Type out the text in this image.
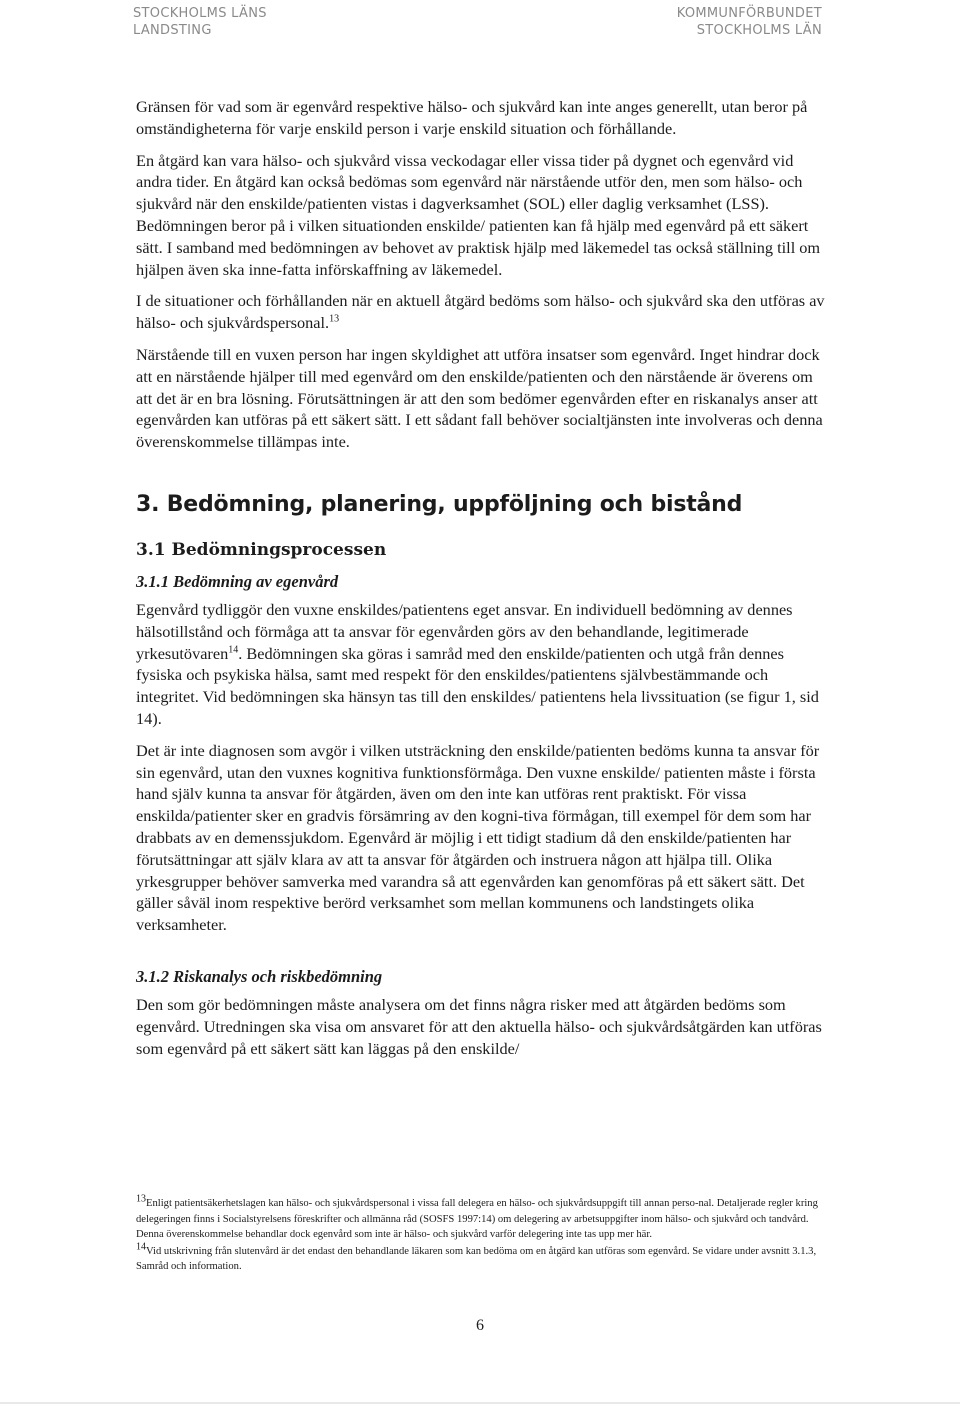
STOCKHOLMS LÄNS
LANDSTING
KOMMUNFÖRBUNDET
STOCKHOLMS LÄN

Gränsen för vad som är egenvård respektive hälso- och sjukvård kan inte anges generellt, utan beror på omständigheterna för varje enskild person i varje enskild situation och förhållande.

En åtgärd kan vara hälso- och sjukvård vissa veckodagar eller vissa tider på dygnet och egenvård vid andra tider. En åtgärd kan också bedömas som egenvård när närstående utför den, men som hälso- och sjukvård när den enskilde/patienten vistas i dagverksamhet (SOL) eller daglig verksamhet (LSS). Bedömningen beror på i vilken situationden enskilde/ patienten kan få hjälp med egenvård på ett säkert sätt. I samband med bedömningen av behovet av praktisk hjälp med läkemedel tas också ställning till om hjälpen även ska inne-fatta införskaffning av läkemedel.

I de situationer och förhållanden när en aktuell åtgärd bedöms som hälso- och sjukvård ska den utföras av hälso- och sjukvårdspersonal.$^{13}$

Närstående till en vuxen person har ingen skyldighet att utföra insatser som egenvård. Inget hindrar dock att en närstående hjälper till med egenvård om den enskilde/patienten och den närstående är överens om att det är en bra lösning. Förutsättningen är att den som bedömer egenvården efter en riskanalys anser att egenvården kan utföras på ett säkert sätt. I ett sådant fall behöver socialtjänsten inte involveras och denna överenskommelse tillämpas inte.

3. Bedömning, planering, uppföljning och bistånd
3.1 Bedömningsprocessen
3.1.1 Bedömning av egenvård

Egenvård tydliggör den vuxne enskildes/patientens eget ansvar. En individuell bedömning av dennes hälsotillstånd och förmåga att ta ansvar för egenvården görs av den behandlande, legitimerade yrkesutövaren$^{14}$. Bedömningen ska göras i samråd med den enskilde/patienten och utgå från dennes fysiska och psykiska hälsa, samt med respekt för den enskildes/patientens självbestämmande och integritet. Vid bedömningen ska hänsyn tas till den enskildes/ patientens hela livssituation (se figur 1, sid 14).

Det är inte diagnosen som avgör i vilken utsträckning den enskilde/patienten bedöms kunna ta ansvar för sin egenvård, utan den vuxnes kognitiva funktionsförmåga. Den vuxne enskilde/ patienten måste i första hand själv kunna ta ansvar för åtgärden, även om den inte kan utföras rent praktiskt. För vissa enskilda/patienter sker en gradvis försämring av den kogni-tiva förmågan, till exempel för dem som har drabbats av en demenssjukdom. Egenvård är möjlig i ett tidigt stadium då den enskilde/patienten har förutsättningar att själv klara av att ta ansvar för åtgärden och instruera någon att hjälpa till. Olika yrkesgrupper behöver samverka med varandra så att egenvården kan genomföras på ett säkert sätt. Det gäller såväl inom respektive berörd verksamhet som mellan kommunens och landstingets olika verksamheter.

3.1.2 Riskanalys och riskbedömning

Den som gör bedömningen måste analysera om det finns några risker med att åtgärden bedöms som egenvård. Utredningen ska visa om ansvaret för att den aktuella hälso- och sjukvårdsåtgärden kan utföras som egenvård på ett säkert sätt kan läggas på den enskilde/

$^{13}$Enligt patientsäkerhetslagen kan hälso- och sjukvårdspersonal i vissa fall delegera en hälso- och sjukvårdsuppgift till annan perso-nal. Detaljerade regler kring delegeringen finns i Socialstyrelsens föreskrifter och allmänna råd (SOSFS 1997:14) om delegering av arbetsuppgifter inom hälso- och sjukvård och tandvård. Denna överenskommelse behandlar dock egenvård som inte är hälso- och sjukvård varför delegering inte tas upp mer här.

$^{14}$Vid utskrivning från slutenvård är det endast den behandlande läkaren som kan bedöma om en åtgärd kan utföras som egenvård. Se vidare under avsnitt 3.1.3, Samråd och information.

6
